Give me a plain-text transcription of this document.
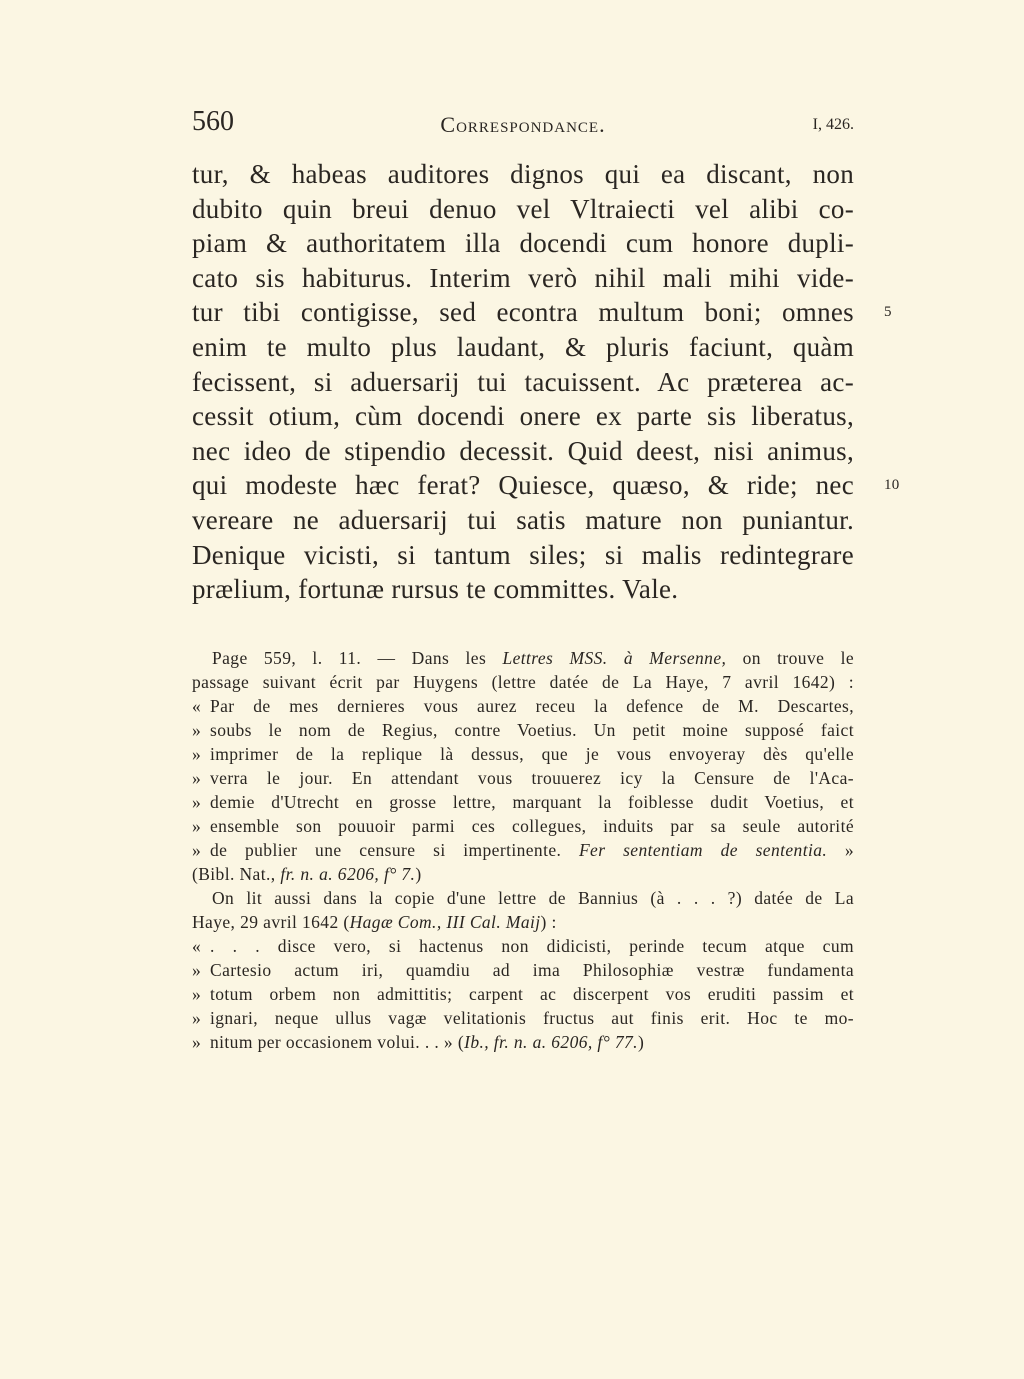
560	Correspondance.	I, 426.
tur, & habeas auditores dignos qui ea discant, non
dubito quin breui denuo vel Vltraiecti vel alibi co-
piam & authoritatem illa docendi cum honore dupli-
cato sis habiturus. Interim verò nihil mali mihi vide-
tur tibi contigisse, sed econtra multum boni; omnes 5
enim te multo plus laudant, & pluris faciunt, quàm
fecissent, si aduersarij tui tacuissent. Ac præterea ac-
cessit otium, cùm docendi onere ex parte sis liberatus,
nec ideo de stipendio decessit. Quid deest, nisi animus,
qui modeste hæc ferat? Quiesce, quæso, & ride; nec 10
vereare ne aduersarij tui satis mature non puniantur.
Denique vicisti, si tantum siles; si malis redintegrare
prælium, fortunæ rursus te committes. Vale.
Page 559, l. 11. — Dans les Lettres MSS. à Mersenne, on trouve le
passage suivant écrit par Huygens (lettre datée de La Haye, 7 avril 1642) :
« Par de mes dernieres vous aurez receu la defence de M. Descartes,
» soubs le nom de Regius, contre Voetius. Un petit moine supposé faict
» imprimer de la replique là dessus, que je vous envoyeray dès qu'elle
» verra le jour. En attendant vous trouuerez icy la Censure de l'Aca-
» demie d'Utrecht en grosse lettre, marquant la foiblesse dudit Voetius, et
» ensemble son pouuoir parmi ces collegues, induits par sa seule autorité
» de publier une censure si impertinente. Fer sententiam de sententia. »
(Bibl. Nat., fr. n. a. 6206, f° 7.)
On lit aussi dans la copie d'une lettre de Bannius (à . . . ?) datée de La
Haye, 29 avril 1642 (Hagæ Com., III Cal. Maij) :
« . . . disce vero, si hactenus non didicisti, perinde tecum atque cum
» Cartesio actum iri, quamdiu ad ima Philosophiæ vestræ fundamenta
» totum orbem non admittitis; carpent ac discerpent vos eruditi passim et
» ignari, neque ullus vagæ velitationis fructus aut finis erit. Hoc te mo-
» nitum per occasionem volui. . . » (Ib., fr. n. a. 6206, f° 77.)
